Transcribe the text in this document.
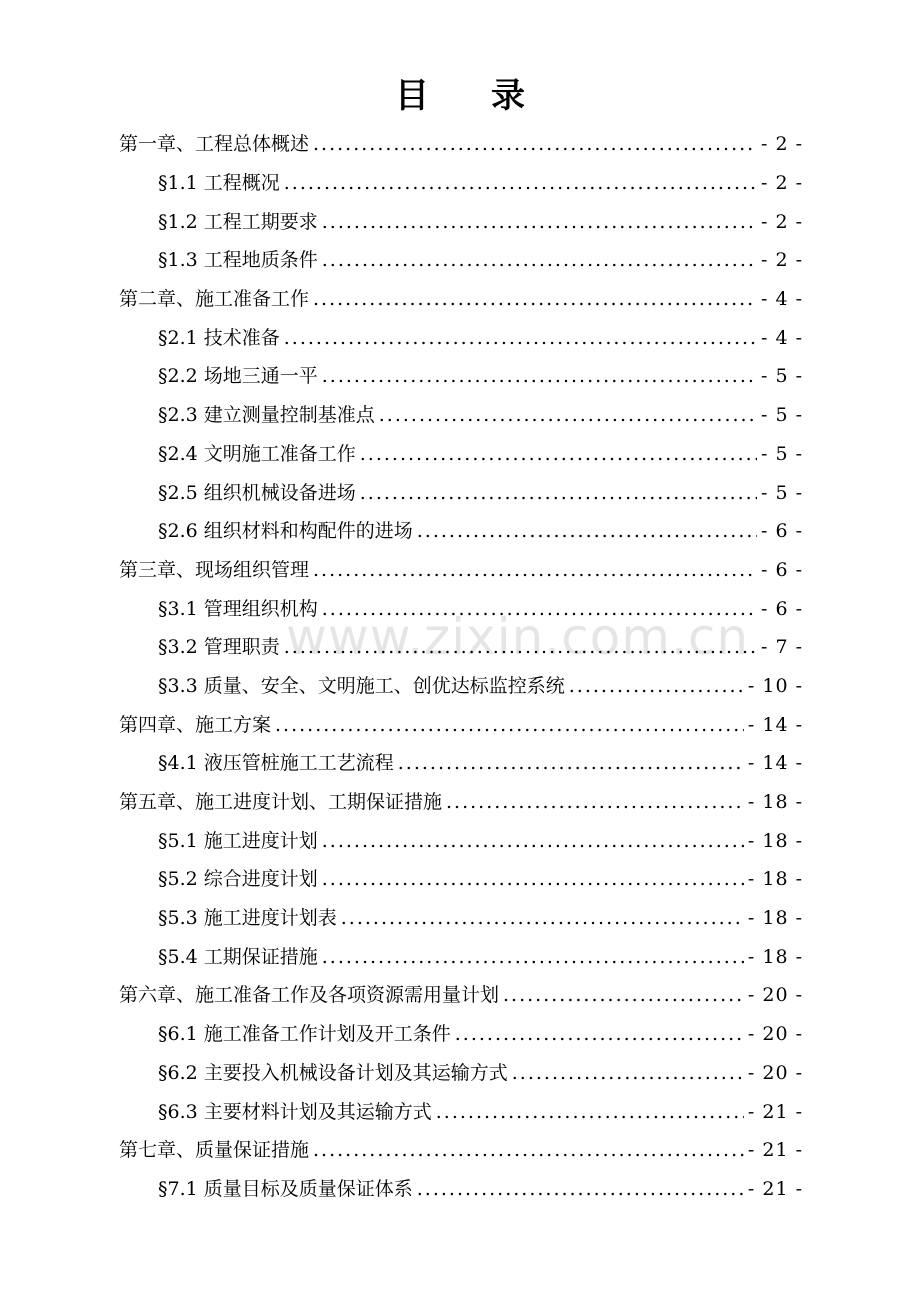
目 录
第一章、工程总体概述 .....	- 2 -
§1.1 工程概况 .....	- 2 -
§1.2 工程工期要求 .....	- 2 -
§1.3 工程地质条件 .....	- 2 -
第二章、施工准备工作 .....	- 4 -
§2.1 技术准备 .....	- 4 -
§2.2 场地三通一平 .....	- 5 -
§2.3 建立测量控制基准点 .....	- 5 -
§2.4 文明施工准备工作 .....	- 5 -
§2.5 组织机械设备进场 .....	- 5 -
§2.6 组织材料和构配件的进场 .....	- 6 -
第三章、现场组织管理 .....	- 6 -
§3.1 管理组织机构 .....	- 6 -
§3.2 管理职责 .....	- 7 -
§3.3 质量、安全、文明施工、创优达标监控系统 .....	- 10 -
第四章、施工方案 .....	- 14 -
§4.1 液压管桩施工工艺流程 .....	- 14 -
第五章、施工进度计划、工期保证措施 .....	- 18 -
§5.1 施工进度计划 .....	- 18 -
§5.2 综合进度计划 .....	- 18 -
§5.3 施工进度计划表 .....	- 18 -
§5.4 工期保证措施 .....	- 18 -
第六章、施工准备工作及各项资源需用量计划 .....	- 20 -
§6.1 施工准备工作计划及开工条件 .....	- 20 -
§6.2 主要投入机械设备计划及其运输方式 .....	- 20 -
§6.3 主要材料计划及其运输方式 .....	- 21 -
第七章、质量保证措施 .....	- 21 -
§7.1 质量目标及质量保证体系 .....	- 21 -
www.zixin.com.cn
